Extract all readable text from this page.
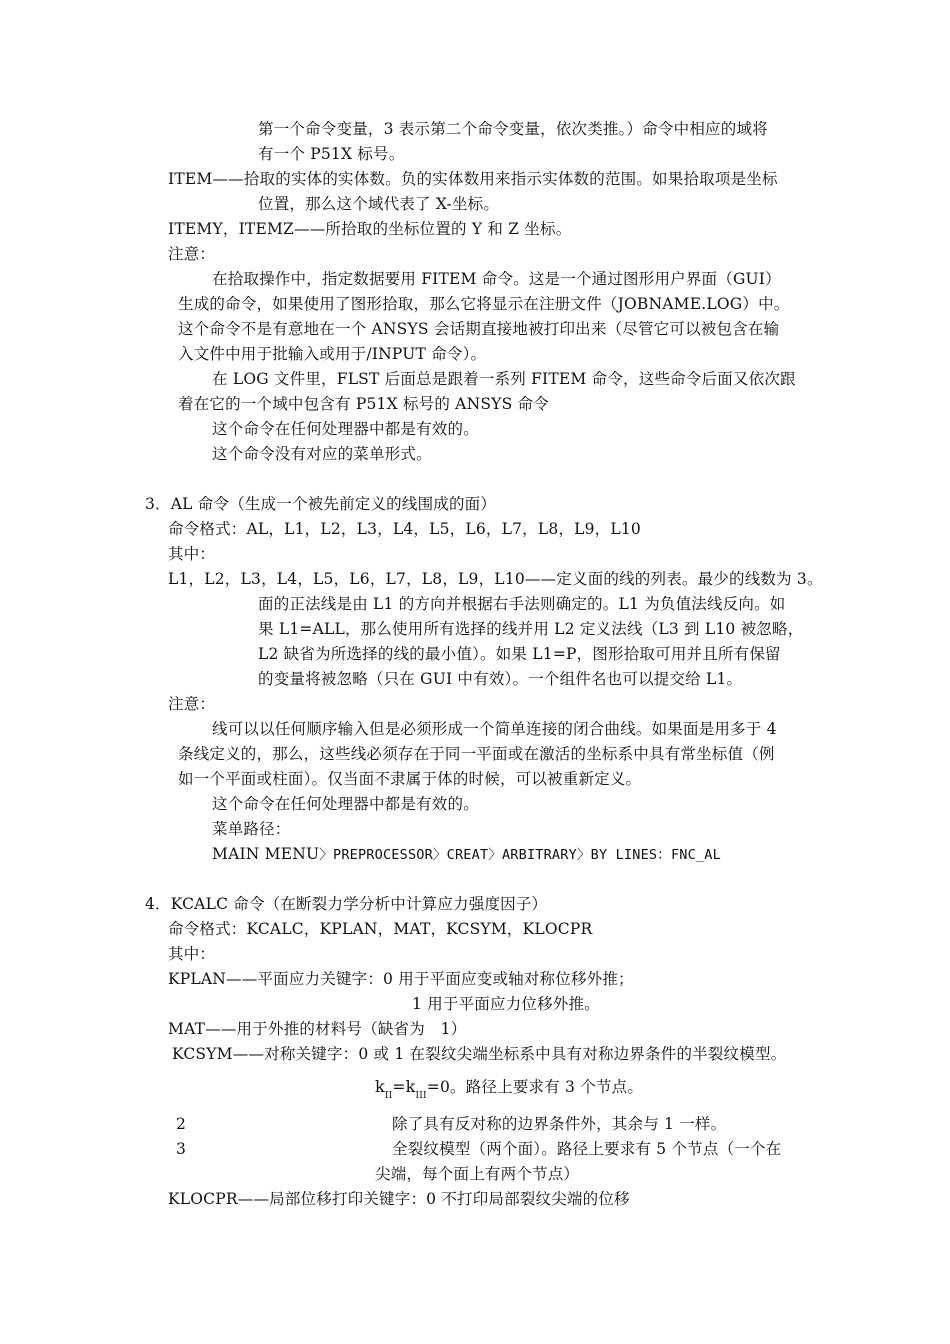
第一个命令变量，3 表示第二个命令变量，依次类推。）命令中相应的域将
有一个 P51X 标号。
ITEM——拾取的实体的实体数。负的实体数用来指示实体数的范围。如果拾取项是坐标
位置，那么这个域代表了 X-坐标。
ITEMY，ITEMZ——所拾取的坐标位置的 Y 和 Z 坐标。
注意：
在拾取操作中，指定数据要用 FITEM 命令。这是一个通过图形用户界面（GUI）
生成的命令，如果使用了图形拾取，那么它将显示在注册文件（JOBNAME.LOG）中。
这个命令不是有意地在一个 ANSYS 会话期直接地被打印出来（尽管它可以被包含在输
入文件中用于批输入或用于/INPUT 命令）。
在 LOG 文件里，FLST 后面总是跟着一系列 FITEM 命令，这些命令后面又依次跟
着在它的一个域中包含有 P51X 标号的 ANSYS 命令
这个命令在任何处理器中都是有效的。
这个命令没有对应的菜单形式。
3．AL 命令（生成一个被先前定义的线围成的面）
命令格式：AL，L1，L2，L3，L4，L5，L6，L7，L8，L9，L10
其中：
L1，L2，L3，L4，L5，L6，L7，L8，L9，L10——定义面的线的列表。最少的线数为 3。
面的正法线是由 L1 的方向并根据右手法则确定的。L1 为负值法线反向。如
果 L1=ALL，那么使用所有选择的线并用 L2 定义法线（L3 到 L10 被忽略，
L2 缺省为所选择的线的最小值）。如果 L1=P，图形拾取可用并且所有保留
的变量将被忽略（只在 GUI 中有效）。一个组件名也可以提交给 L1。
注意：
线可以以任何顺序输入但是必须形成一个简单连接的闭合曲线。如果面是用多于 4
条线定义的，那么，这些线必须存在于同一平面或在激活的坐标系中具有常坐标值（例
如一个平面或柱面）。仅当面不隶属于体的时候，可以被重新定义。
这个命令在任何处理器中都是有效的。
菜单路径：
MAIN MENU〉PREPROCESSOR〉CREAT〉ARBITRARY〉BY LINES：FNC_AL
4．KCALC 命令（在断裂力学分析中计算应力强度因子）
命令格式：KCALC，KPLAN，MAT，KCSYM，KLOCPR
其中：
KPLAN——平面应力关键字：0 用于平面应变或轴对称位移外推；
1 用于平面应力位移外推。
MAT——用于外推的材料号（缺省为　1）
KCSYM——对称关键字：0 或 1 在裂纹尖端坐标系中具有对称边界条件的半裂纹模型。
$k_{II}=k_{III}=0$。路径上要求有 3 个节点。
2	除了具有反对称的边界条件外，其余与 1 一样。
3	全裂纹模型（两个面）。路径上要求有 5 个节点（一个在
尖端，每个面上有两个节点）
KLOCPR——局部位移打印关键字：0 不打印局部裂纹尖端的位移
